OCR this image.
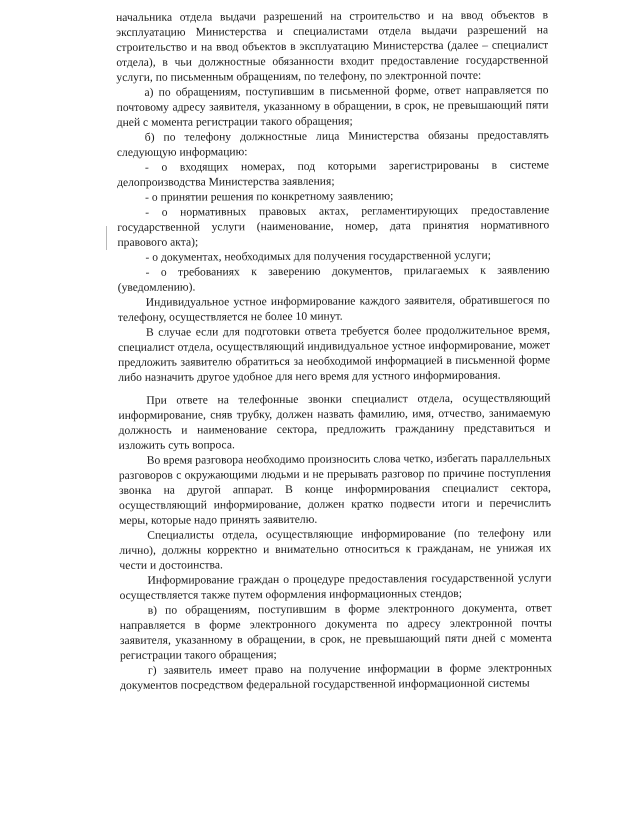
начальника отдела выдачи разрешений на строительство и на ввод объектов в эксплуатацию Министерства и специалистами отдела выдачи разрешений на строительство и на ввод объектов в эксплуатацию Министерства (далее – специалист отдела), в чьи должностные обязанности входит предоставление государственной услуги, по письменным обращениям, по телефону, по электронной почте:

а) по обращениям, поступившим в письменной форме, ответ направляется по почтовому адресу заявителя, указанному в обращении, в срок, не превышающий пяти дней с момента регистрации такого обращения;

б) по телефону должностные лица Министерства обязаны предоставлять следующую информацию:

- о входящих номерах, под которыми зарегистрированы в системе делопроизводства Министерства заявления;

- о принятии решения по конкретному заявлению;

- о нормативных правовых актах, регламентирующих предоставление государственной услуги (наименование, номер, дата принятия нормативного правового акта);

- о документах, необходимых для получения государственной услуги;

- о требованиях к заверению документов, прилагаемых к заявлению (уведомлению).

Индивидуальное устное информирование каждого заявителя, обратившегося по телефону, осуществляется не более 10 минут.

В случае если для подготовки ответа требуется более продолжительное время, специалист отдела, осуществляющий индивидуальное устное информирование, может предложить заявителю обратиться за необходимой информацией в письменной форме либо назначить другое удобное для него время для устного информирования.

При ответе на телефонные звонки специалист отдела, осуществляющий информирование, сняв трубку, должен назвать фамилию, имя, отчество, занимаемую должность и наименование сектора, предложить гражданину представиться и изложить суть вопроса.

Во время разговора необходимо произносить слова четко, избегать параллельных разговоров с окружающими людьми и не прерывать разговор по причине поступления звонка на другой аппарат. В конце информирования специалист сектора, осуществляющий информирование, должен кратко подвести итоги и перечислить меры, которые надо принять заявителю.

Специалисты отдела, осуществляющие информирование (по телефону или лично), должны корректно и внимательно относиться к гражданам, не унижая их чести и достоинства.

Информирование граждан о процедуре предоставления государственной услуги осуществляется также путем оформления информационных стендов;

в) по обращениям, поступившим в форме электронного документа, ответ направляется в форме электронного документа по адресу электронной почты заявителя, указанному в обращении, в срок, не превышающий пяти дней с момента регистрации такого обращения;

г) заявитель имеет право на получение информации в форме электронных документов посредством федеральной государственной информационной системы
